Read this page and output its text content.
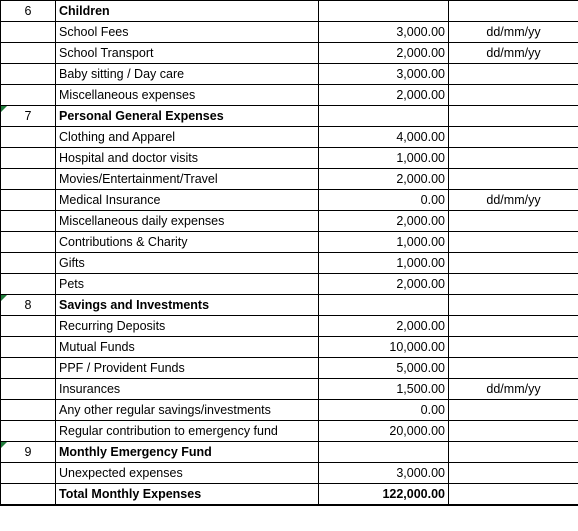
6	Children		
	School Fees	3,000.00	dd/mm/yy
	School Transport	2,000.00	dd/mm/yy
	Baby sitting / Day care	3,000.00	
	Miscellaneous expenses	2,000.00	
7	Personal General Expenses		
	Clothing and Apparel	4,000.00	
	Hospital and doctor visits	1,000.00	
	Movies/Entertainment/Travel	2,000.00	
	Medical Insurance	0.00	dd/mm/yy
	Miscellaneous daily expenses	2,000.00	
	Contributions & Charity	1,000.00	
	Gifts	1,000.00	
	Pets	2,000.00	
8	Savings and Investments		
	Recurring Deposits	2,000.00	
	Mutual Funds	10,000.00	
	PPF / Provident Funds	5,000.00	
	Insurances	1,500.00	dd/mm/yy
	Any other regular savings/investments	0.00	
	Regular contribution to emergency fund	20,000.00	
9	Monthly Emergency Fund		
	Unexpected expenses	3,000.00	
	Total Monthly Expenses	122,000.00	
